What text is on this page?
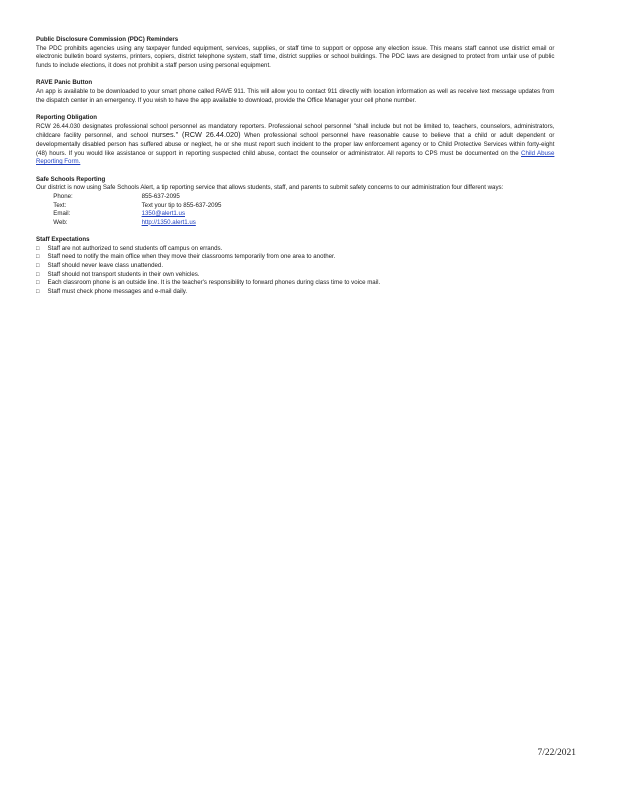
Public Disclosure Commission (PDC) Reminders

The PDC prohibits agencies using any taxpayer funded equipment, services, supplies, or staff time to support or oppose any election issue. This means staff cannot use district email or electronic bulletin board systems, printers, copiers, district telephone system, staff time, district supplies or school buildings. The PDC laws are designed to protect from unfair use of public funds to include elections, it does not prohibit a staff person using personal equipment.

RAVE Panic Button

An app is available to be downloaded to your smart phone called RAVE 911. This will allow you to contact 911 directly with location information as well as receive text message updates from the dispatch center in an emergency. If you wish to have the app available to download, provide the Office Manager your cell phone number.

Reporting Obligation

RCW 26.44.030 designates professional school personnel as mandatory reporters. Professional school personnel "shall include but not be limited to, teachers, counselors, administrators, childcare facility personnel, and school nurses." (RCW 26.44.020) When professional school personnel have reasonable cause to believe that a child or adult dependent or developmentally disabled person has suffered abuse or neglect, he or she must report such incident to the proper law enforcement agency or to Child Protective Services within forty-eight (48) hours. If you would like assistance or support in reporting suspected child abuse, contact the counselor or administrator. All reports to CPS must be documented on the Child Abuse Reporting Form.

Safe Schools Reporting

Our district is now using Safe Schools Alert, a tip reporting service that allows students, staff, and parents to submit safety concerns to our administration four different ways:

Phone:	855-637-2095
Text:	Text your tip to 855-637-2095
Email:	1350@alert1.us
Web:	http://1350.alert1.us
Staff Expectations
□ Staff are not authorized to send students off campus on errands.
□ Staff need to notify the main office when they move their classrooms temporarily from one area to another.
□ Staff should never leave class unattended.
□ Staff should not transport students in their own vehicles.
□ Each classroom phone is an outside line. It is the teacher's responsibility to forward phones during class time to voice mail.
□ Staff must check phone messages and e-mail daily.
7/22/2021
